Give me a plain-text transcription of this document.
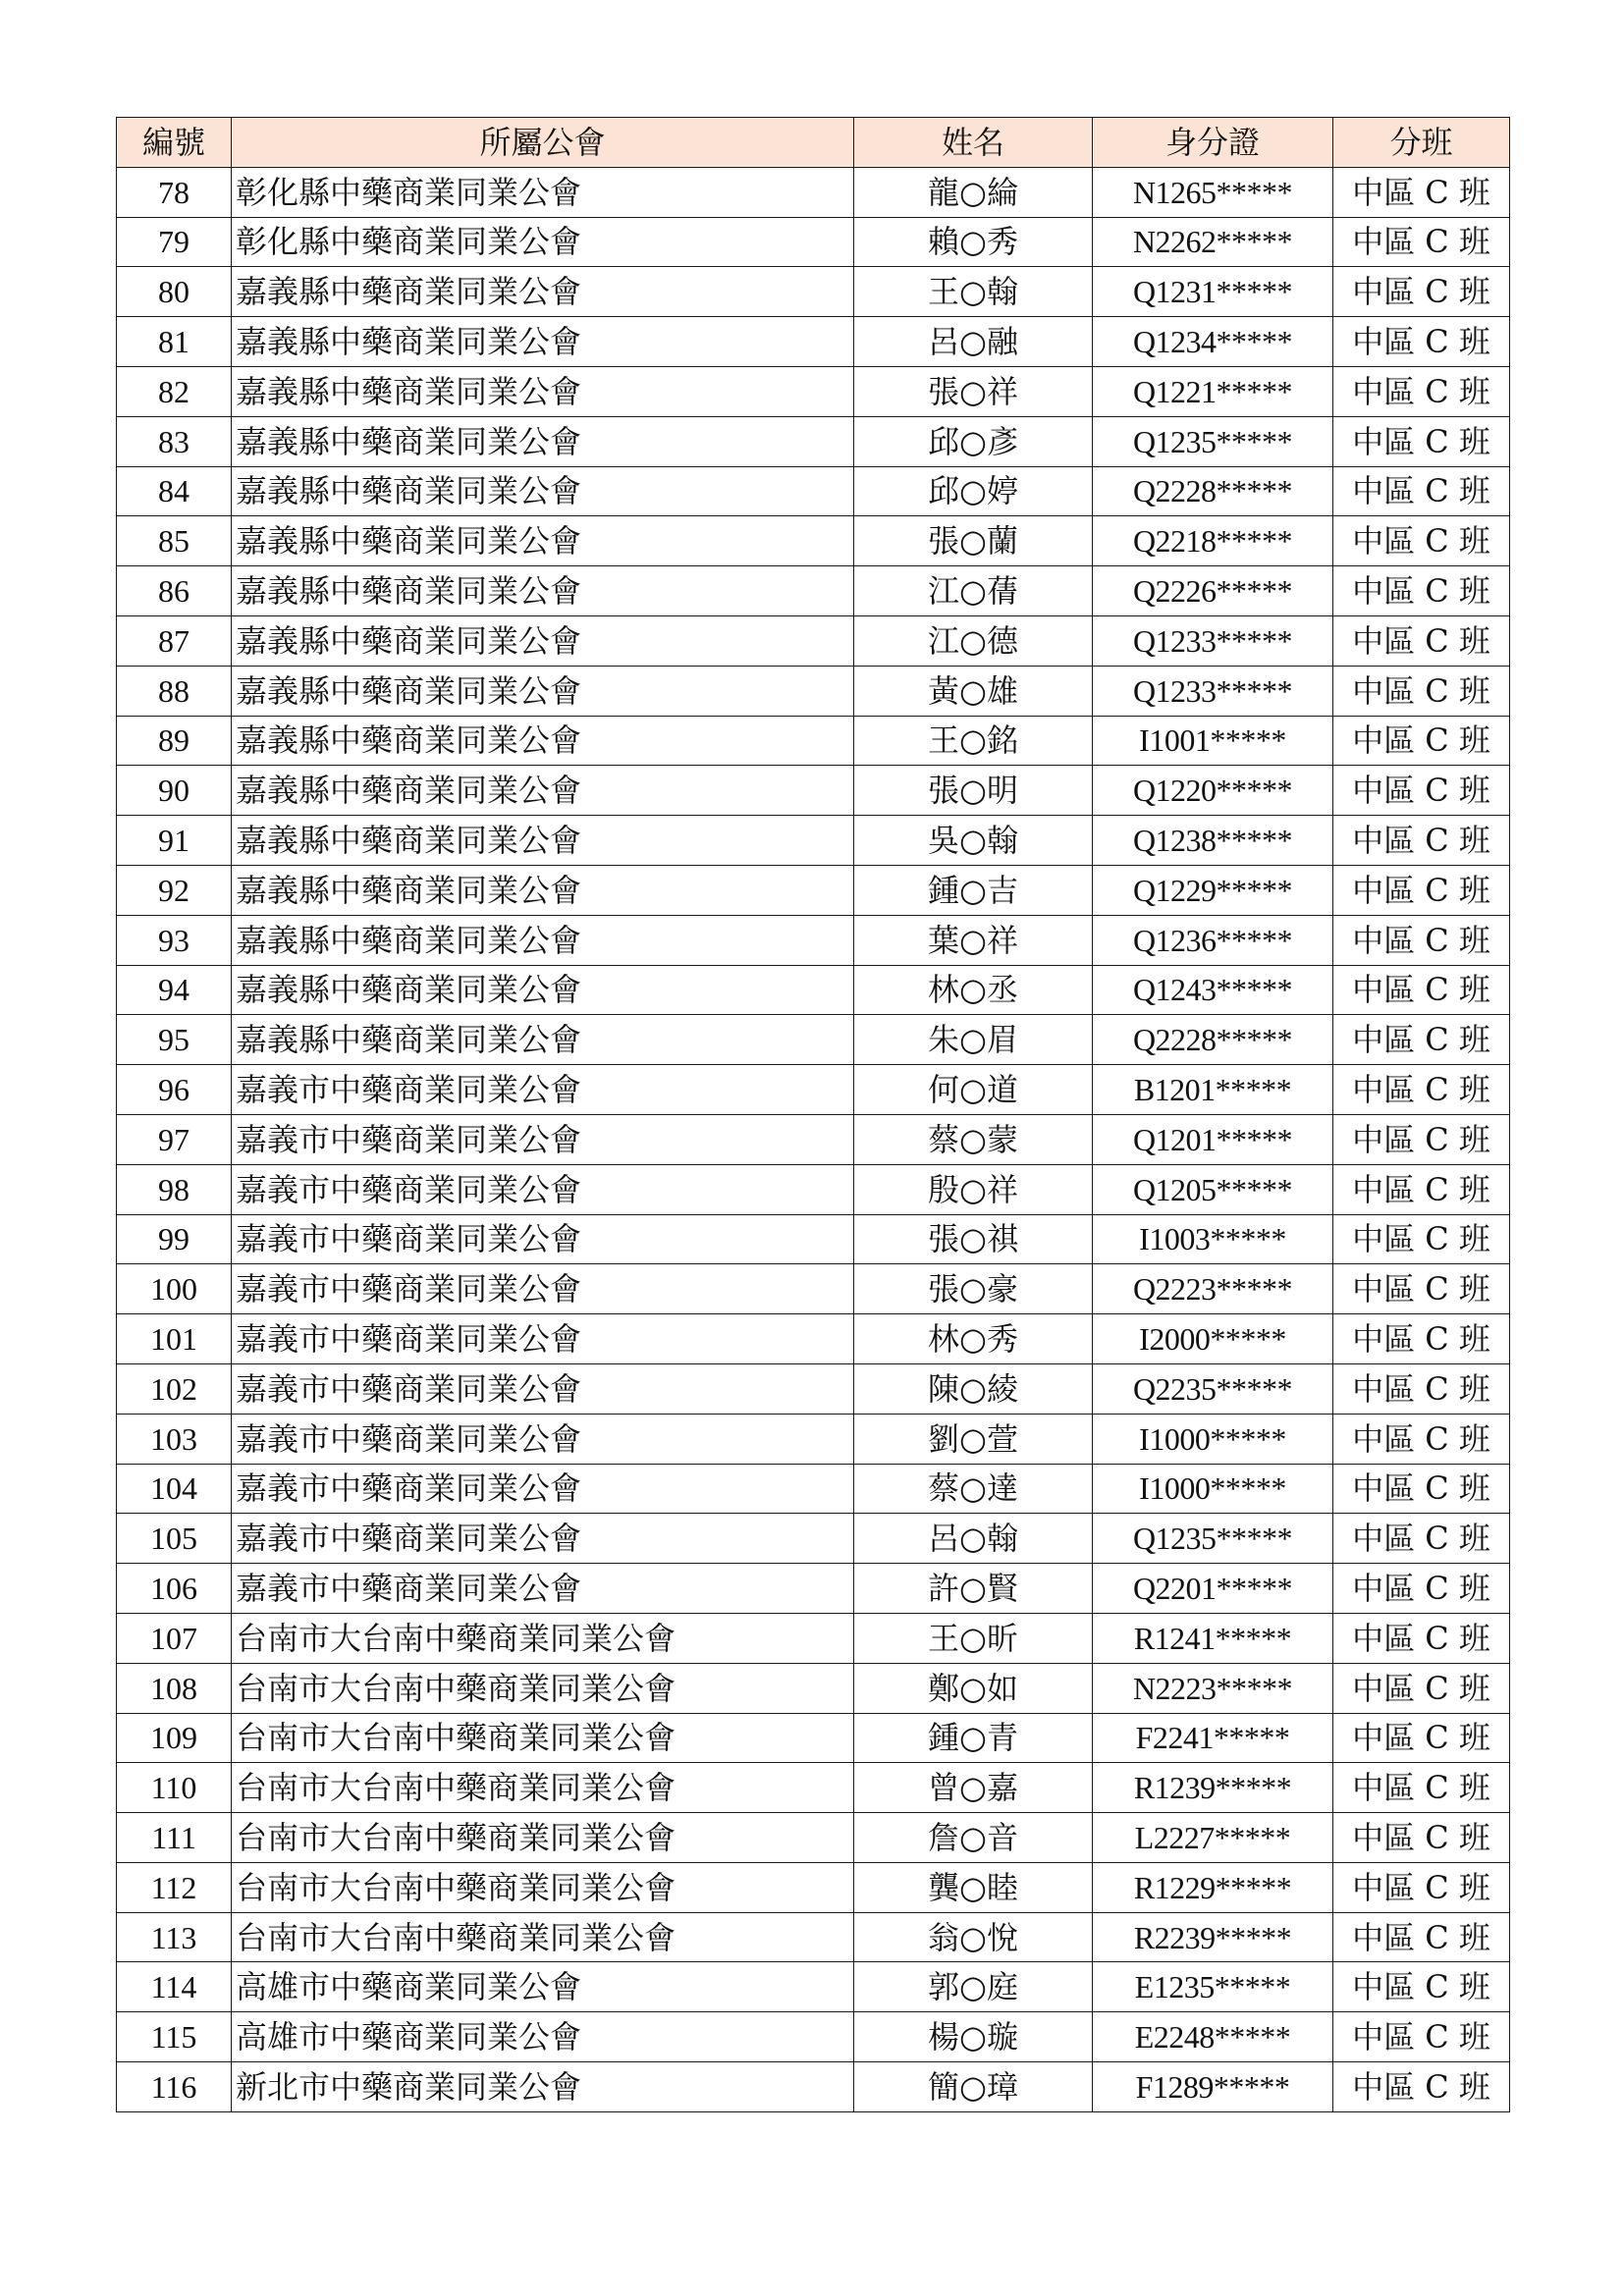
編號	所屬公會	姓名	身分證	分班
78	彰化縣中藥商業同業公會	龍○綸	N1265*****	中區 C 班
79	彰化縣中藥商業同業公會	賴○秀	N2262*****	中區 C 班
80	嘉義縣中藥商業同業公會	王○翰	Q1231*****	中區 C 班
81	嘉義縣中藥商業同業公會	呂○融	Q1234*****	中區 C 班
82	嘉義縣中藥商業同業公會	張○祥	Q1221*****	中區 C 班
83	嘉義縣中藥商業同業公會	邱○彥	Q1235*****	中區 C 班
84	嘉義縣中藥商業同業公會	邱○婷	Q2228*****	中區 C 班
85	嘉義縣中藥商業同業公會	張○蘭	Q2218*****	中區 C 班
86	嘉義縣中藥商業同業公會	江○蒨	Q2226*****	中區 C 班
87	嘉義縣中藥商業同業公會	江○德	Q1233*****	中區 C 班
88	嘉義縣中藥商業同業公會	黃○雄	Q1233*****	中區 C 班
89	嘉義縣中藥商業同業公會	王○銘	I1001*****	中區 C 班
90	嘉義縣中藥商業同業公會	張○明	Q1220*****	中區 C 班
91	嘉義縣中藥商業同業公會	吳○翰	Q1238*****	中區 C 班
92	嘉義縣中藥商業同業公會	鍾○吉	Q1229*****	中區 C 班
93	嘉義縣中藥商業同業公會	葉○祥	Q1236*****	中區 C 班
94	嘉義縣中藥商業同業公會	林○丞	Q1243*****	中區 C 班
95	嘉義縣中藥商業同業公會	朱○眉	Q2228*****	中區 C 班
96	嘉義市中藥商業同業公會	何○道	B1201*****	中區 C 班
97	嘉義市中藥商業同業公會	蔡○蒙	Q1201*****	中區 C 班
98	嘉義市中藥商業同業公會	殷○祥	Q1205*****	中區 C 班
99	嘉義市中藥商業同業公會	張○祺	I1003*****	中區 C 班
100	嘉義市中藥商業同業公會	張○豪	Q2223*****	中區 C 班
101	嘉義市中藥商業同業公會	林○秀	I2000*****	中區 C 班
102	嘉義市中藥商業同業公會	陳○綾	Q2235*****	中區 C 班
103	嘉義市中藥商業同業公會	劉○萱	I1000*****	中區 C 班
104	嘉義市中藥商業同業公會	蔡○達	I1000*****	中區 C 班
105	嘉義市中藥商業同業公會	呂○翰	Q1235*****	中區 C 班
106	嘉義市中藥商業同業公會	許○賢	Q2201*****	中區 C 班
107	台南市大台南中藥商業同業公會	王○昕	R1241*****	中區 C 班
108	台南市大台南中藥商業同業公會	鄭○如	N2223*****	中區 C 班
109	台南市大台南中藥商業同業公會	鍾○青	F2241*****	中區 C 班
110	台南市大台南中藥商業同業公會	曾○嘉	R1239*****	中區 C 班
111	台南市大台南中藥商業同業公會	詹○音	L2227*****	中區 C 班
112	台南市大台南中藥商業同業公會	龔○睦	R1229*****	中區 C 班
113	台南市大台南中藥商業同業公會	翁○悅	R2239*****	中區 C 班
114	高雄市中藥商業同業公會	郭○庭	E1235*****	中區 C 班
115	高雄市中藥商業同業公會	楊○璇	E2248*****	中區 C 班
116	新北市中藥商業同業公會	簡○璋	F1289*****	中區 C 班
